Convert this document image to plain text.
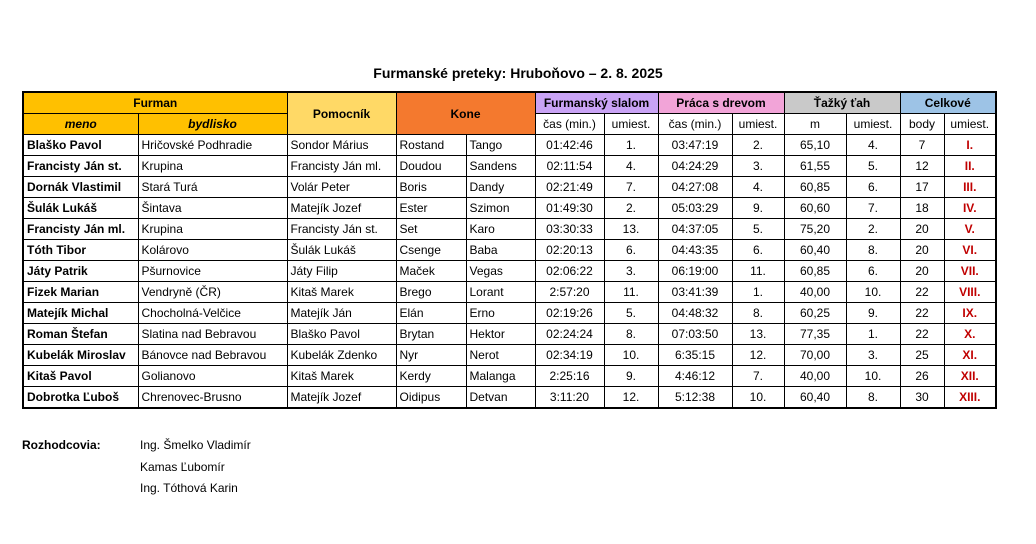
Furmanské preteky: Hruboňovo – 2. 8. 2025
Furman		Pomocník	Kone		Furmanský slalom		Práca s drevom		Ťažký ťah		Celkové	
meno	bydlisko				čas (min.)	umiest.	čas (min.)	umiest.	m	umiest.	body	umiest.
Blaško Pavol	Hričovské Podhradie	Sondor Márius	Rostand	Tango	01:42:46	1.	03:47:19	2.	65,10	4.	7	I.
Francisty Ján st.	Krupina	Francisty Ján ml.	Doudou	Sandens	02:11:54	4.	04:24:29	3.	61,55	5.	12	II.
Dornák Vlastimil	Stará Turá	Volár Peter	Boris	Dandy	02:21:49	7.	04:27:08	4.	60,85	6.	17	III.
Šulák Lukáš	Šintava	Matejík Jozef	Ester	Szimon	01:49:30	2.	05:03:29	9.	60,60	7.	18	IV.
Francisty Ján ml.	Krupina	Francisty Ján st.	Set	Karo	03:30:33	13.	04:37:05	5.	75,20	2.	20	V.
Tóth Tibor	Kolárovo	Šulák Lukáš	Csenge	Baba	02:20:13	6.	04:43:35	6.	60,40	8.	20	VI.
Játy Patrik	Pšurnovice	Játy Filip	Maček	Vegas	02:06:22	3.	06:19:00	11.	60,85	6.	20	VII.
Fizek Marian	Vendryně (ČR)	Kitaš Marek	Brego	Lorant	2:57:20	11.	03:41:39	1.	40,00	10.	22	VIII.
Matejík Michal	Chocholná-Velčice	Matejík Ján	Elán	Erno	02:19:26	5.	04:48:32	8.	60,25	9.	22	IX.
Roman Štefan	Slatina nad Bebravou	Blaško Pavol	Brytan	Hektor	02:24:24	8.	07:03:50	13.	77,35	1.	22	X.
Kubelák Miroslav	Bánovce nad Bebravou	Kubelák Zdenko	Nyr	Nerot	02:34:19	10.	6:35:15	12.	70,00	3.	25	XI.
Kitaš Pavol	Golianovo	Kitaš Marek	Kerdy	Malanga	2:25:16	9.	4:46:12	7.	40,00	10.	26	XII.
Dobrotka Ľuboš	Chrenovec-Brusno	Matejík Jozef	Oidipus	Detvan	3:11:20	12.	5:12:38	10.	60,40	8.	30	XIII.
Rozhodcovia:	Ing. Šmelko Vladimír
Kamas Ľubomír
Ing. Tóthová Karin
